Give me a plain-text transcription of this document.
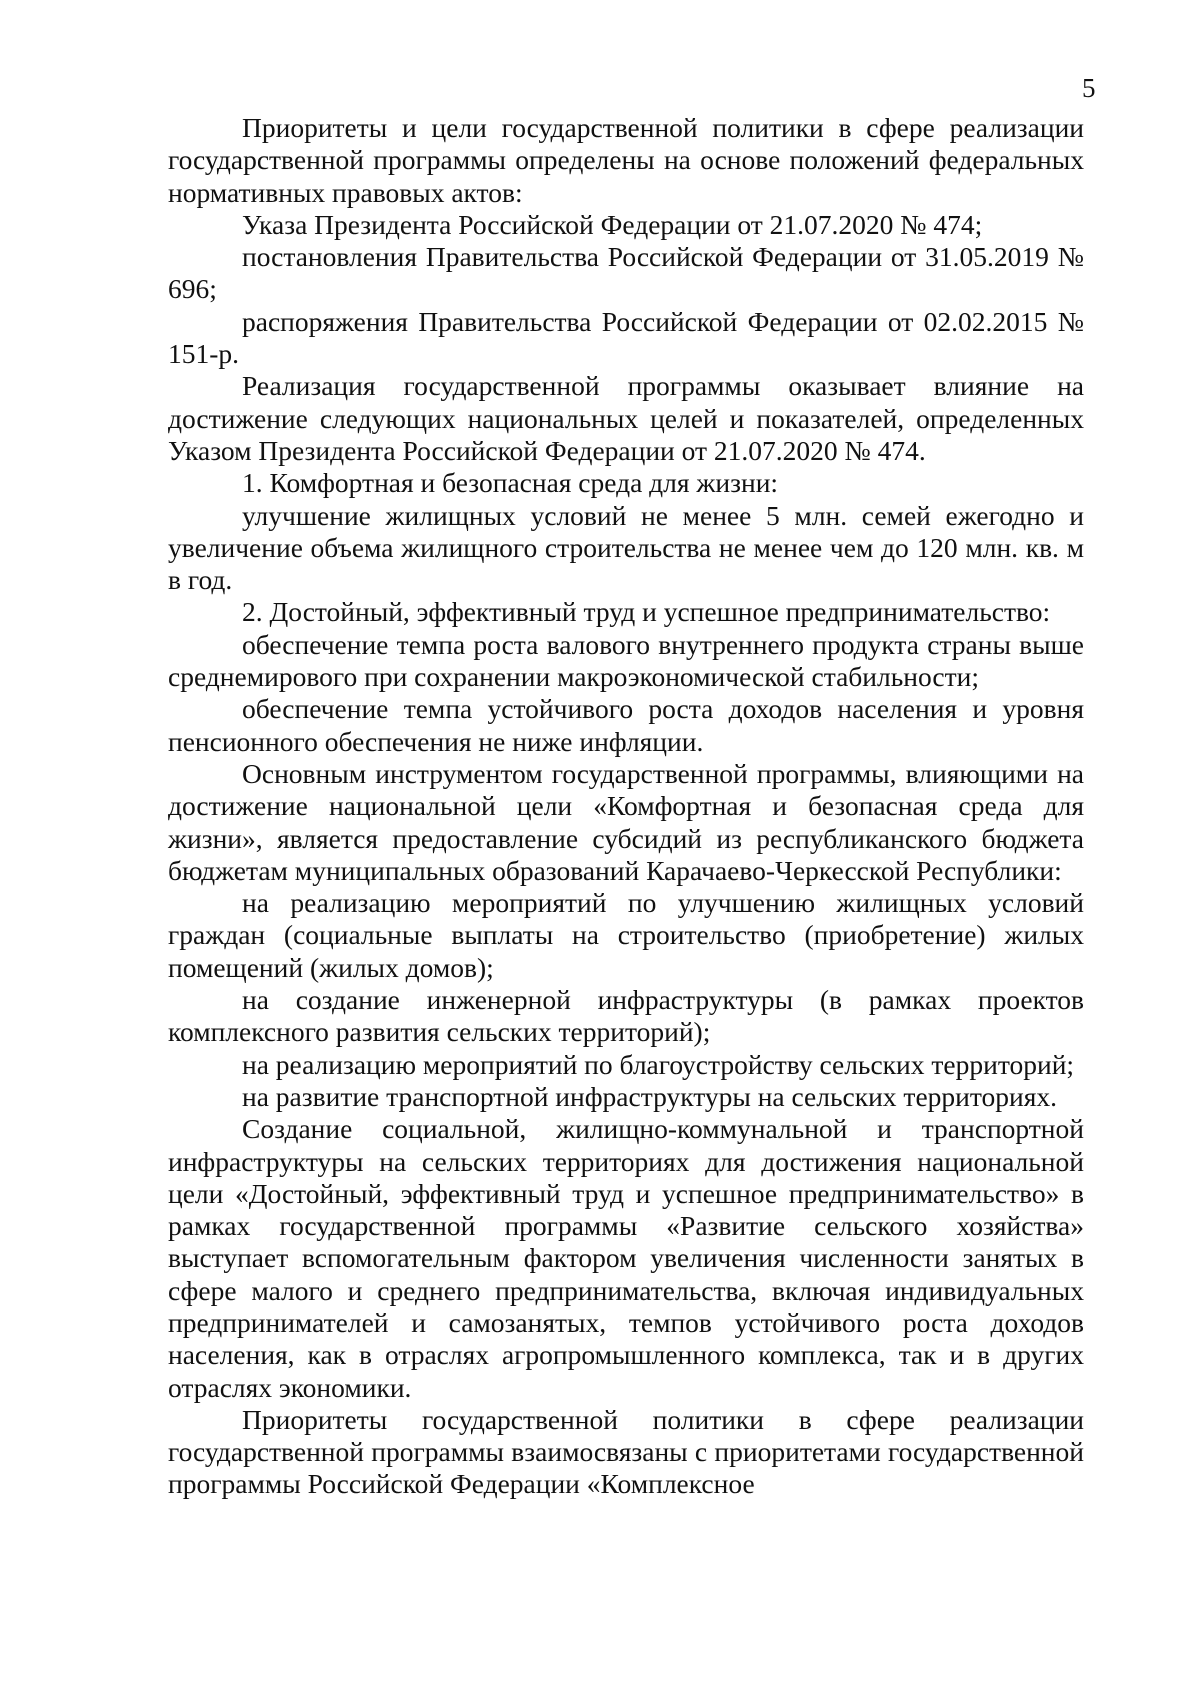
5

Приоритеты и цели государственной политики в сфере реализации государственной программы определены на основе положений федеральных нормативных правовых актов:

Указа Президента Российской Федерации от 21.07.2020 № 474;

постановления Правительства Российской Федерации от 31.05.2019 № 696;

распоряжения Правительства Российской Федерации от 02.02.2015 № 151-р.

Реализация государственной программы оказывает влияние на достижение следующих национальных целей и показателей, определенных Указом Президента Российской Федерации от 21.07.2020 № 474.

1. Комфортная и безопасная среда для жизни:

улучшение жилищных условий не менее 5 млн. семей ежегодно и увеличение объема жилищного строительства не менее чем до 120 млн. кв. м в год.

2. Достойный, эффективный труд и успешное предпринимательство:

обеспечение темпа роста валового внутреннего продукта страны выше среднемирового при сохранении макроэкономической стабильности;

обеспечение темпа устойчивого роста доходов населения и уровня пенсионного обеспечения не ниже инфляции.

Основным инструментом государственной программы, влияющими на достижение национальной цели «Комфортная и безопасная среда для жизни», является предоставление субсидий из республиканского бюджета бюджетам муниципальных образований Карачаево-Черкесской Республики:

на реализацию мероприятий по улучшению жилищных условий граждан (социальные выплаты на строительство (приобретение) жилых помещений (жилых домов);

на создание инженерной инфраструктуры (в рамках проектов комплексного развития сельских территорий);

на реализацию мероприятий по благоустройству сельских территорий;

на развитие транспортной инфраструктуры на сельских территориях.

Создание социальной, жилищно-коммунальной и транспортной инфраструктуры на сельских территориях для достижения национальной цели «Достойный, эффективный труд и успешное предпринимательство» в рамках государственной программы «Развитие сельского хозяйства» выступает вспомогательным фактором увеличения численности занятых в сфере малого и среднего предпринимательства, включая индивидуальных предпринимателей и самозанятых, темпов устойчивого роста доходов населения, как в отраслях агропромышленного комплекса, так и в других отраслях экономики.

Приоритеты государственной политики в сфере реализации государственной программы взаимосвязаны с приоритетами государственной программы Российской Федерации «Комплексное
